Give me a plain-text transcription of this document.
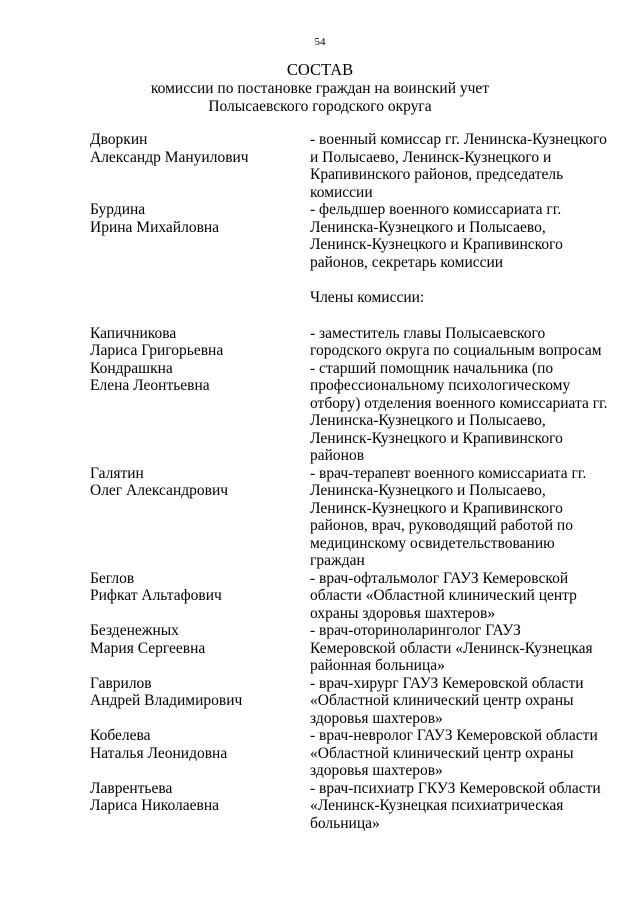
54
СОСТАВ
комиссии по постановке граждан на воинский учет Полысаевского городского округа
Дворкин
Александр Мануилович
- военный комиссар гг. Ленинска-Кузнецкого и Полысаево, Ленинск-Кузнецкого и Крапивинского районов, председатель комиссии
Бурдина
Ирина Михайловна
- фельдшер военного комиссариата гг. Ленинска-Кузнецкого и Полысаево, Ленинск-Кузнецкого и Крапивинского районов, секретарь комиссии
Члены комиссии:
Капичникова
Лариса Григорьевна
- заместитель главы Полысаевского городского округа по социальным вопросам
Кондрашкна
Елена Леонтьевна
- старший помощник начальника (по профессиональному психологическому отбору) отделения военного комиссариата гг. Ленинска-Кузнецкого и Полысаево, Ленинск-Кузнецкого и Крапивинского районов
Галятин
Олег Александрович
- врач-терапевт военного комиссариата гг. Ленинска-Кузнецкого и Полысаево, Ленинск-Кузнецкого и Крапивинского районов, врач, руководящий работой по медицинскому освидетельствованию граждан
Беглов
Рифкат Альтафович
- врач-офтальмолог ГАУЗ Кемеровской области «Областной клинический центр охраны здоровья шахтеров»
Безденежных
Мария Сергеевна
- врач-оториноларинголог ГАУЗ Кемеровской области «Ленинск-Кузнецкая районная больница»
Гаврилов
Андрей Владимирович
- врач-хирург ГАУЗ Кемеровской области «Областной клинический центр охраны здоровья шахтеров»
Кобелева
Наталья Леонидовна
- врач-невролог ГАУЗ Кемеровской области «Областной клинический центр охраны здоровья шахтеров»
Лаврентьева
Лариса Николаевна
- врач-психиатр ГКУЗ Кемеровской области «Ленинск-Кузнецкая психиатрическая больница»
